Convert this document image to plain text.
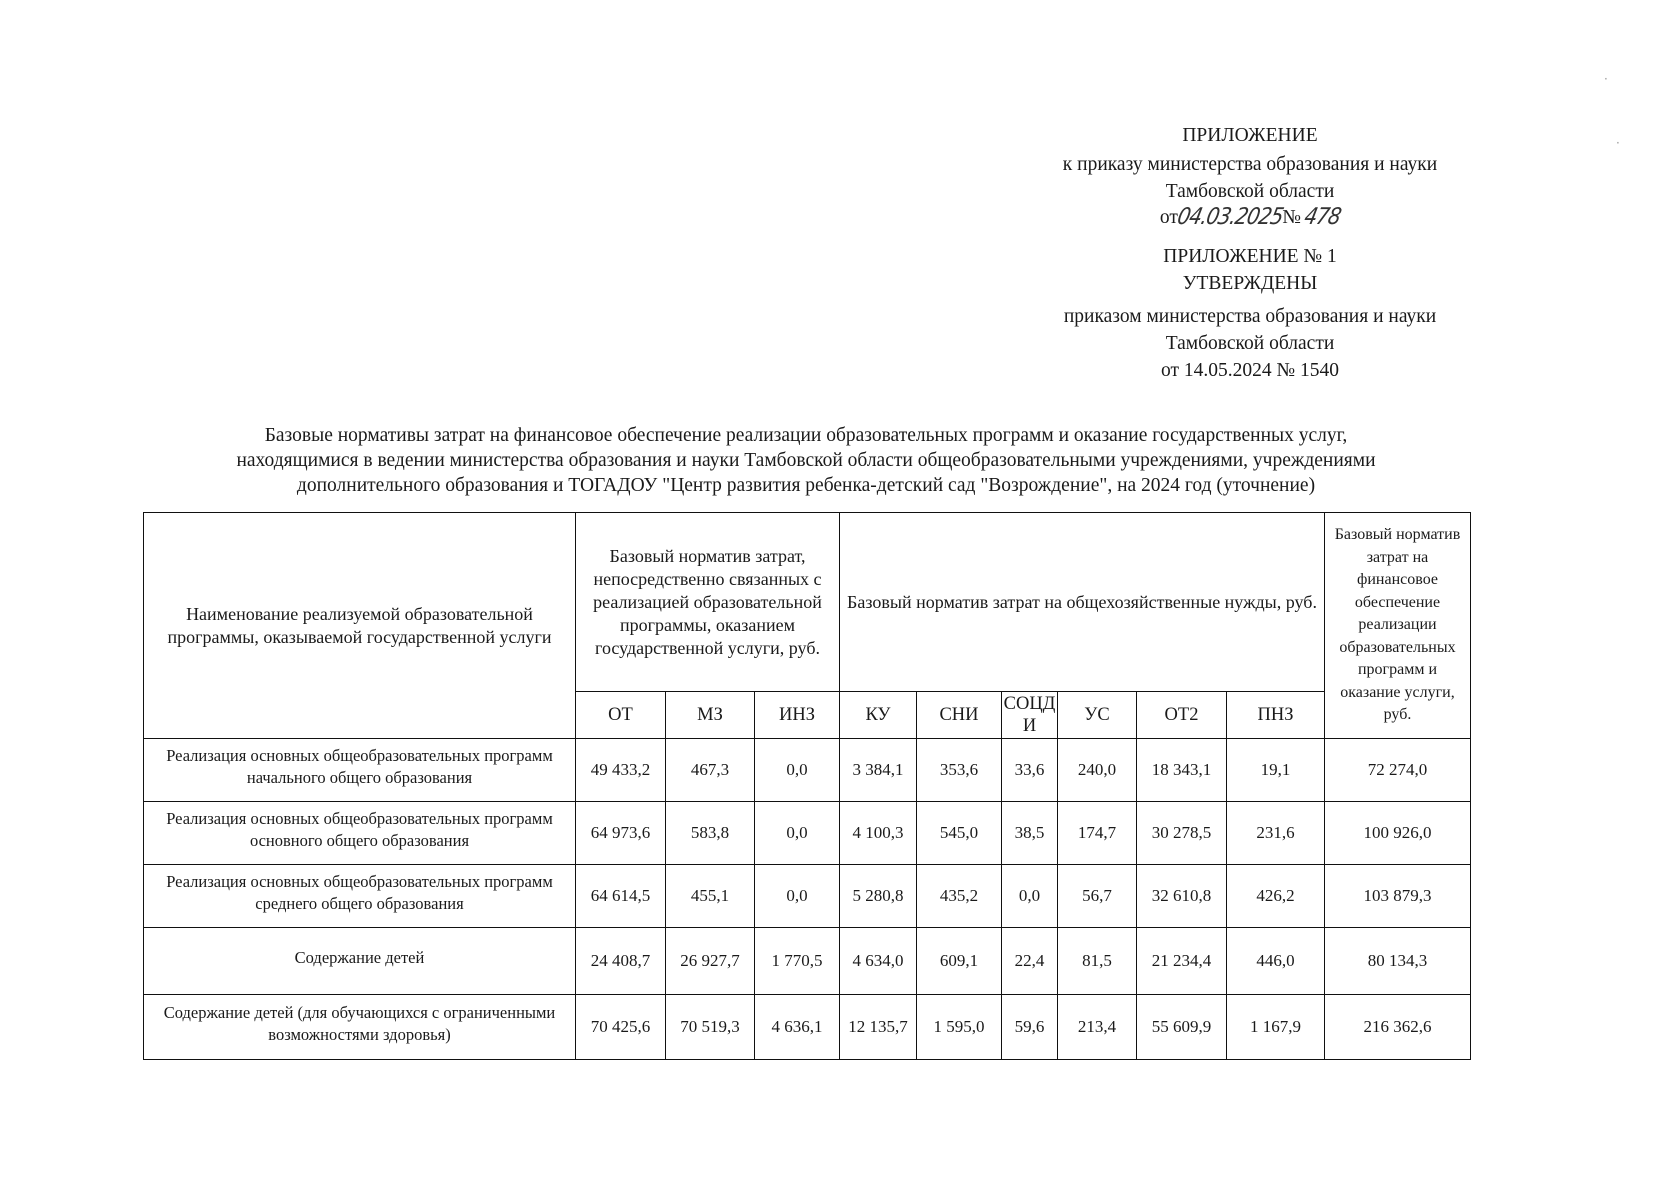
ПРИЛОЖЕНИЕ
к приказу министерства образования и науки
Тамбовской области
от04.03.2025№478
ПРИЛОЖЕНИЕ № 1
УТВЕРЖДЕНЫ
приказом министерства образования и науки
Тамбовской области
от 14.05.2024 № 1540
Базовые нормативы затрат на финансовое обеспечение реализации образовательных программ и оказание государственных услуг,
находящимися в ведении министерства образования и науки Тамбовской области общеобразовательными учреждениями, учреждениями
дополнительного образования и ТОГАДОУ "Центр развития ребенка-детский сад "Возрождение", на 2024 год (уточнение)
Наименование реализуемой образовательной программы, оказываемой государственной услуги	Базовый норматив затрат, непосредственно связанных с реализацией образовательной программы, оказанием государственной услуги, руб.			Базовый норматив затрат на общехозяйственные нужды, руб.						Базовый норматив затрат на финансовое обеспечение реализации образовательных программ и оказание услуги, руб.
	ОТ	МЗ	ИНЗ	КУ	СНИ	СОЦД И	УС	ОТ2	ПНЗ	
Реализация основных общеобразовательных программ начального общего образования	49 433,2	467,3	0,0	3 384,1	353,6	33,6	240,0	18 343,1	19,1	72 274,0
Реализация основных общеобразовательных программ основного общего образования	64 973,6	583,8	0,0	4 100,3	545,0	38,5	174,7	30 278,5	231,6	100 926,0
Реализация основных общеобразовательных программ среднего общего образования	64 614,5	455,1	0,0	5 280,8	435,2	0,0	56,7	32 610,8	426,2	103 879,3
Содержание детей	24 408,7	26 927,7	1 770,5	4 634,0	609,1	22,4	81,5	21 234,4	446,0	80 134,3
Содержание детей (для обучающихся с ограниченными возможностями здоровья)	70 425,6	70 519,3	4 636,1	12 135,7	1 595,0	59,6	213,4	55 609,9	1 167,9	216 362,6
·
·
